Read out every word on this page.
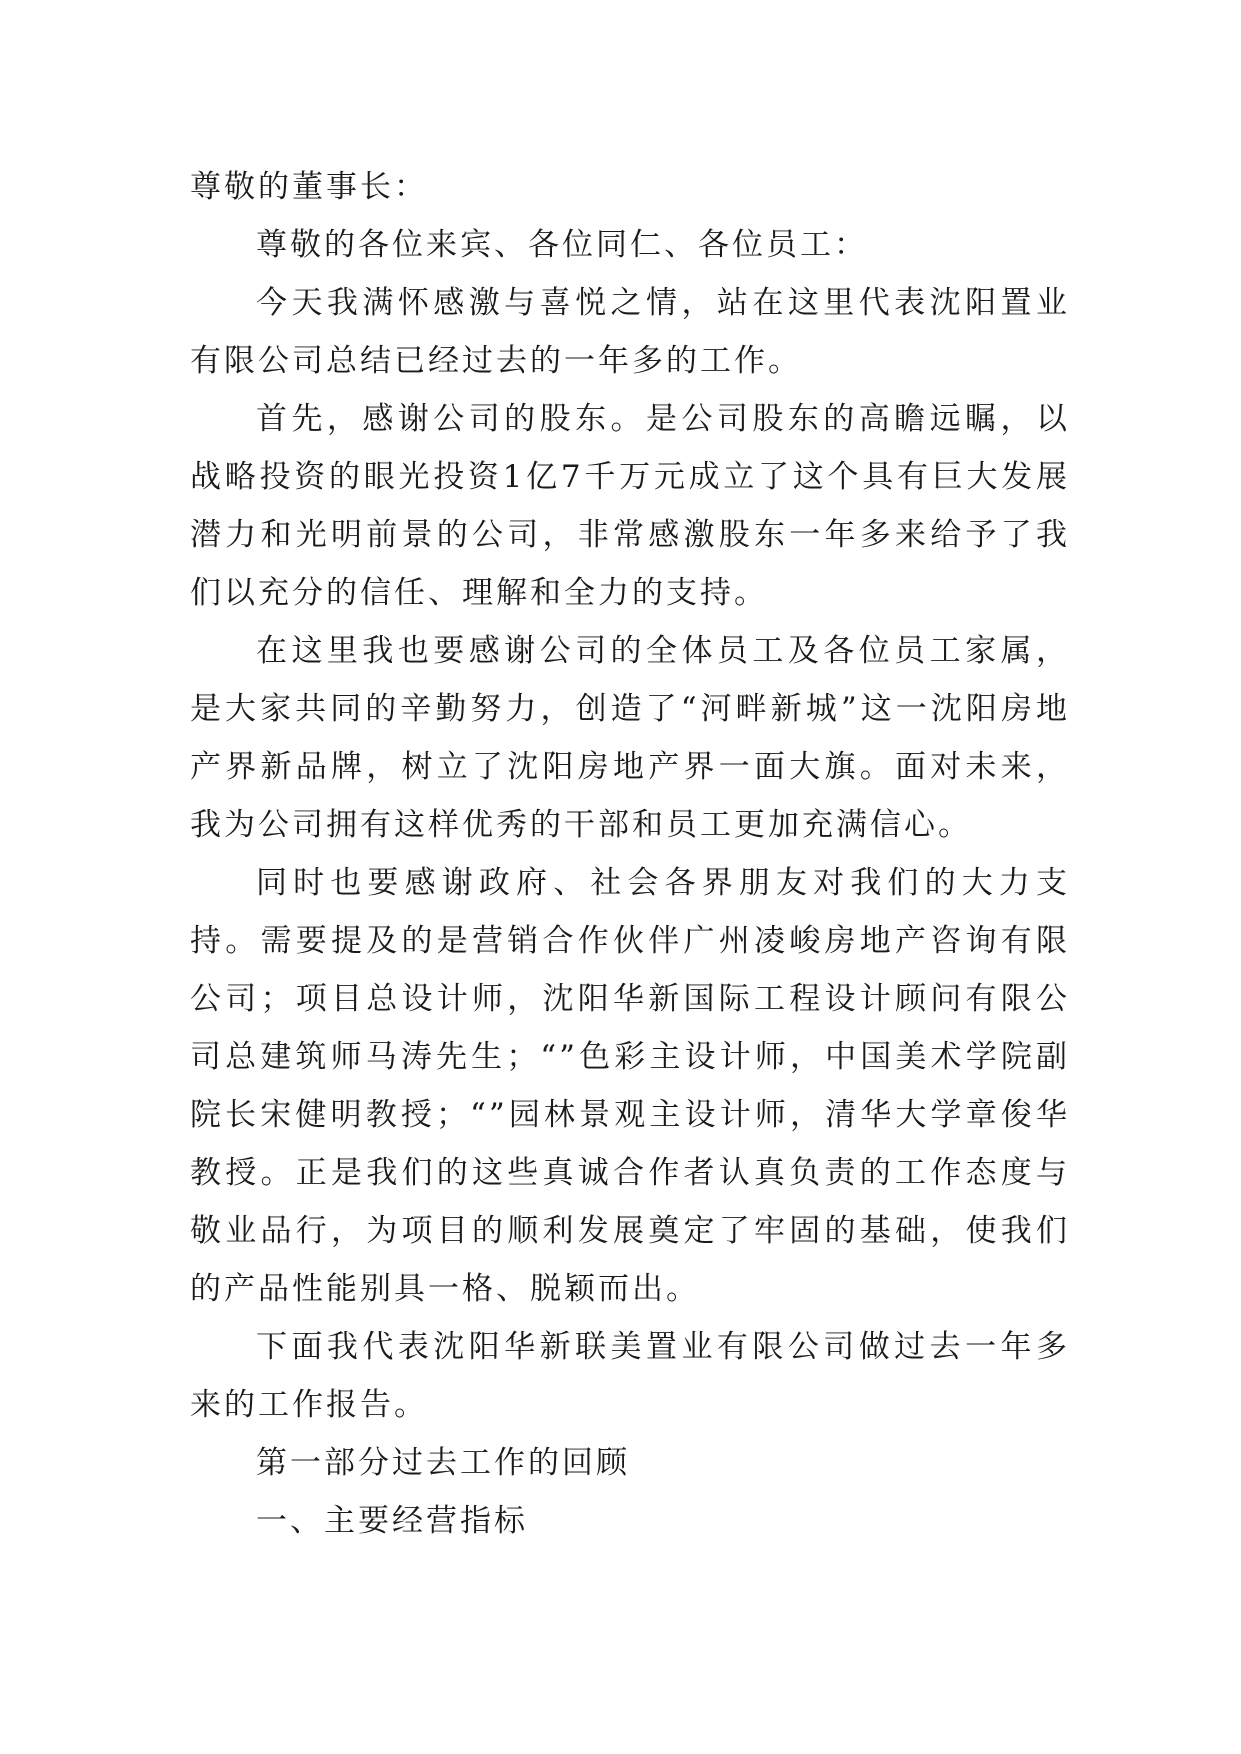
尊敬的董事长：

尊敬的各位来宾、各位同仁、各位员工：

今天我满怀感激与喜悦之情，站在这里代表沈阳置业有限公司总结已经过去的一年多的工作。

首先，感谢公司的股东。是公司股东的高瞻远瞩，以战略投资的眼光投资1亿7千万元成立了这个具有巨大发展潜力和光明前景的公司，非常感激股东一年多来给予了我们以充分的信任、理解和全力的支持。

在这里我也要感谢公司的全体员工及各位员工家属，是大家共同的辛勤努力，创造了“河畔新城”这一沈阳房地产界新品牌，树立了沈阳房地产界一面大旗。面对未来，我为公司拥有这样优秀的干部和员工更加充满信心。

同时也要感谢政府、社会各界朋友对我们的大力支持。需要提及的是营销合作伙伴广州凌峻房地产咨询有限公司；项目总设计师，沈阳华新国际工程设计顾问有限公司总建筑师马涛先生；“”色彩主设计师，中国美术学院副院长宋健明教授；“”园林景观主设计师，清华大学章俊华教授。正是我们的这些真诚合作者认真负责的工作态度与敬业品行，为项目的顺利发展奠定了牢固的基础，使我们的产品性能别具一格、脱颖而出。

下面我代表沈阳华新联美置业有限公司做过去一年多来的工作报告。

第一部分过去工作的回顾

一、主要经营指标
